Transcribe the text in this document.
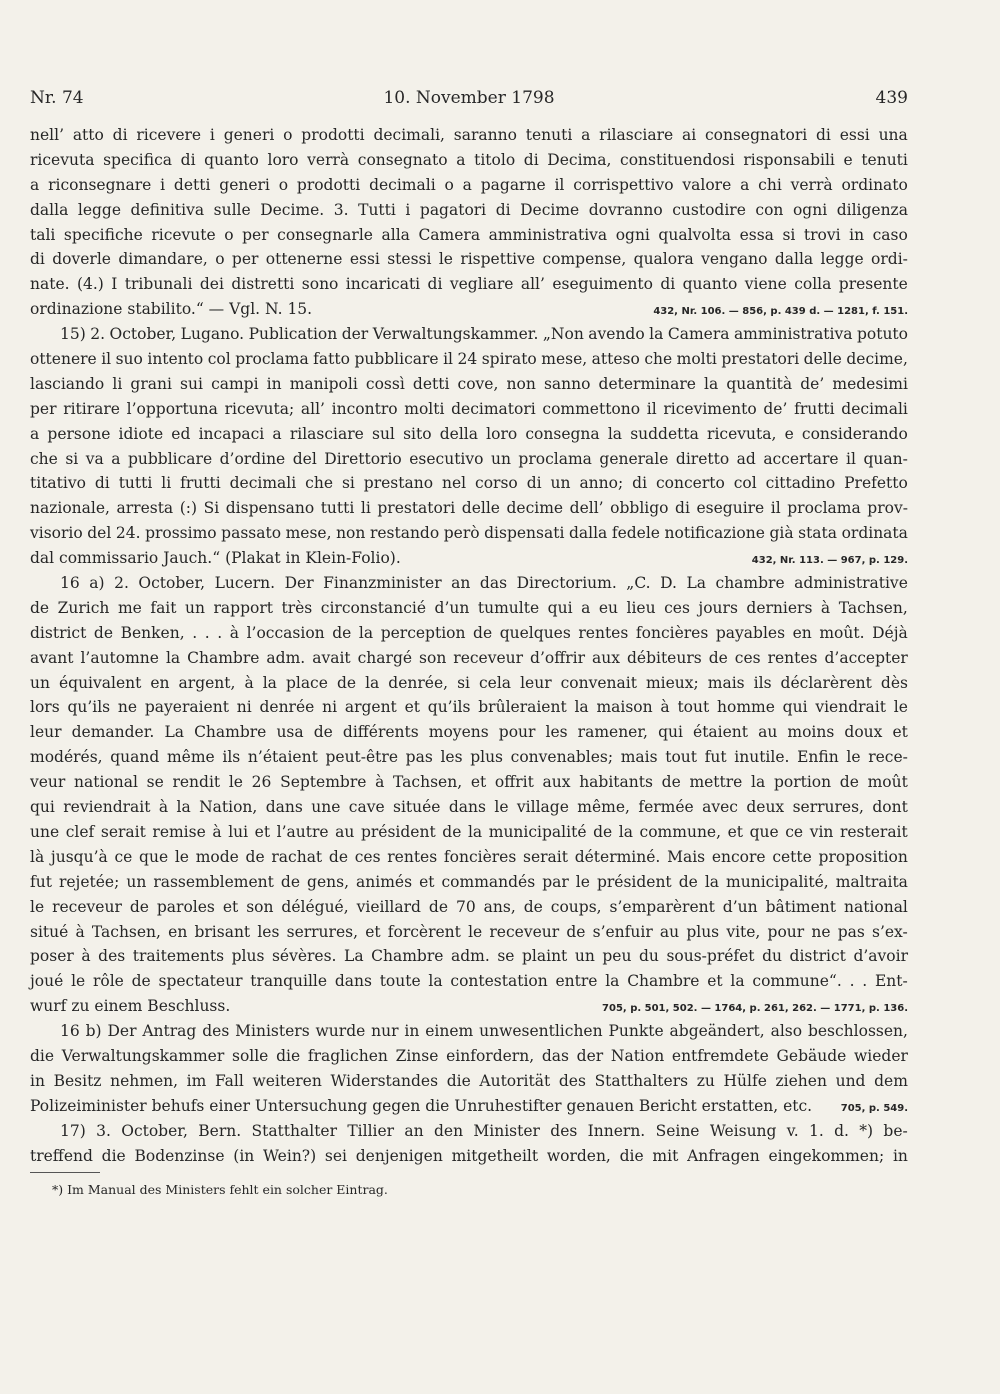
Nr. 74	10. November 1798	439
nell’ atto di ricevere i generi o prodotti decimali, saranno tenuti a rilasciare ai consegnatori di essi una
ricevuta specifica di quanto loro verrà consegnato a titolo di Decima, constituendosi risponsabili e tenuti
a riconsegnare i detti generi o prodotti decimali o a pagarne il corrispettivo valore a chi verrà ordinato
dalla legge definitiva sulle Decime. 3. Tutti i pagatori di Decime dovranno custodire con ogni diligenza
tali specifiche ricevute o per consegnarle alla Camera amministrativa ogni qualvolta essa si trovi in caso
di doverle dimandare, o per ottenerne essi stessi le rispettive compense, qualora vengano dalla legge ordi-
nate. (4.) I tribunali dei distretti sono incaricati di vegliare all’ eseguimento di quanto viene colla presente
ordinazione stabilito.“ — Vgl. N. 15.	432, Nr. 106. — 856, p. 439 d. — 1281, f. 151.
15) 2. October, Lugano. Publication der Verwaltungskammer. „Non avendo la Camera amministrativa potuto
ottenere il suo intento col proclama fatto pubblicare il 24 spirato mese, atteso che molti prestatori delle decime,
lasciando li grani sui campi in manipoli cossì detti cove, non sanno determinare la quantità de’ medesimi
per ritirare l’opportuna ricevuta; all’ incontro molti decimatori commettono il ricevimento de’ frutti decimali
a persone idiote ed incapaci a rilasciare sul sito della loro consegna la suddetta ricevuta, e considerando
che si va a pubblicare d’ordine del Direttorio esecutivo un proclama generale diretto ad accertare il quan-
titativo di tutti li frutti decimali che si prestano nel corso di un anno; di concerto col cittadino Prefetto
nazionale, arresta (:) Si dispensano tutti li prestatori delle decime dell’ obbligo di eseguire il proclama prov-
visorio del 24. prossimo passato mese, non restando però dispensati dalla fedele notificazione già stata ordinata
dal commissario Jauch.“ (Plakat in Klein-Folio).	432, Nr. 113. — 967, p. 129.
16 a) 2. October, Lucern. Der Finanzminister an das Directorium. „C. D. La chambre administrative
de Zurich me fait un rapport très circonstancié d’un tumulte qui a eu lieu ces jours derniers à Tachsen,
district de Benken, . . . à l’occasion de la perception de quelques rentes foncières payables en moût. Déjà
avant l’automne la Chambre adm. avait chargé son receveur d’offrir aux débiteurs de ces rentes d’accepter
un équivalent en argent, à la place de la denrée, si cela leur convenait mieux; mais ils déclarèrent dès
lors qu’ils ne payeraient ni denrée ni argent et qu’ils brûleraient la maison à tout homme qui viendrait le
leur demander. La Chambre usa de différents moyens pour les ramener, qui étaient au moins doux et
modérés, quand même ils n’étaient peut-être pas les plus convenables; mais tout fut inutile. Enfin le rece-
veur national se rendit le 26 Septembre à Tachsen, et offrit aux habitants de mettre la portion de moût
qui reviendrait à la Nation, dans une cave située dans le village même, fermée avec deux serrures, dont
une clef serait remise à lui et l’autre au président de la municipalité de la commune, et que ce vin resterait
là jusqu’à ce que le mode de rachat de ces rentes foncières serait déterminé. Mais encore cette proposition
fut rejetée; un rassemblement de gens, animés et commandés par le président de la municipalité, maltraita
le receveur de paroles et son délégué, vieillard de 70 ans, de coups, s’emparèrent d’un bâtiment national
situé à Tachsen, en brisant les serrures, et forcèrent le receveur de s’enfuir au plus vite, pour ne pas s’ex-
poser à des traitements plus sévères. La Chambre adm. se plaint un peu du sous-préfet du district d’avoir
joué le rôle de spectateur tranquille dans toute la contestation entre la Chambre et la commune“. . . Ent-
wurf zu einem Beschluss.	705, p. 501, 502. — 1764, p. 261, 262. — 1771, p. 136.
16 b) Der Antrag des Ministers wurde nur in einem unwesentlichen Punkte abgeändert, also beschlossen,
die Verwaltungskammer solle die fraglichen Zinse einfordern, das der Nation entfremdete Gebäude wieder
in Besitz nehmen, im Fall weiteren Widerstandes die Autorität des Statthalters zu Hülfe ziehen und dem
Polizeiminister behufs einer Untersuchung gegen die Unruhestifter genauen Bericht erstatten, etc.	705, p. 549.
17) 3. October, Bern. Statthalter Tillier an den Minister des Innern. Seine Weisung v. 1. d. *) be-
treffend die Bodenzinse (in Wein?) sei denjenigen mitgetheilt worden, die mit Anfragen eingekommen; in
*) Im Manual des Ministers fehlt ein solcher Eintrag.
